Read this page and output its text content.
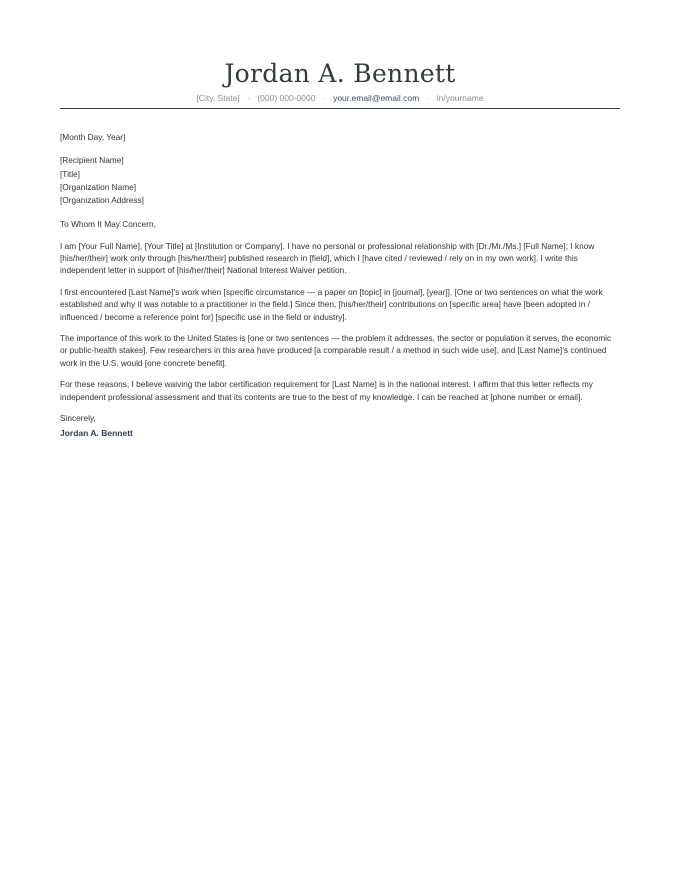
Jordan A. Bennett
[City, State] · (000) 000-0000 · your.email@email.com · in/yourname

[Month Day, Year]

[Recipient Name]
[Title]
[Organization Name]
[Organization Address]

To Whom It May Concern,

I am [Your Full Name], [Your Title] at [Institution or Company]. I have no personal or professional relationship with [Dr./Mr./Ms.] [Full Name]; I know [his/her/their] work only through [his/her/their] published research in [field], which I [have cited / reviewed / rely on in my own work]. I write this independent letter in support of [his/her/their] National Interest Waiver petition.

I first encountered [Last Name]’s work when [specific circumstance — a paper on [topic] in [journal], [year]]. [One or two sentences on what the work established and why it was notable to a practitioner in the field.] Since then, [his/her/their] contributions on [specific area] have [been adopted in / influenced / become a reference point for] [specific use in the field or industry].

The importance of this work to the United States is [one or two sentences — the problem it addresses, the sector or population it serves, the economic or public-health stakes]. Few researchers in this area have produced [a comparable result / a method in such wide use], and [Last Name]’s continued work in the U.S. would [one concrete benefit].

For these reasons, I believe waiving the labor certification requirement for [Last Name] is in the national interest. I affirm that this letter reflects my independent professional assessment and that its contents are true to the best of my knowledge. I can be reached at [phone number or email].

Sincerely,

Jordan A. Bennett
